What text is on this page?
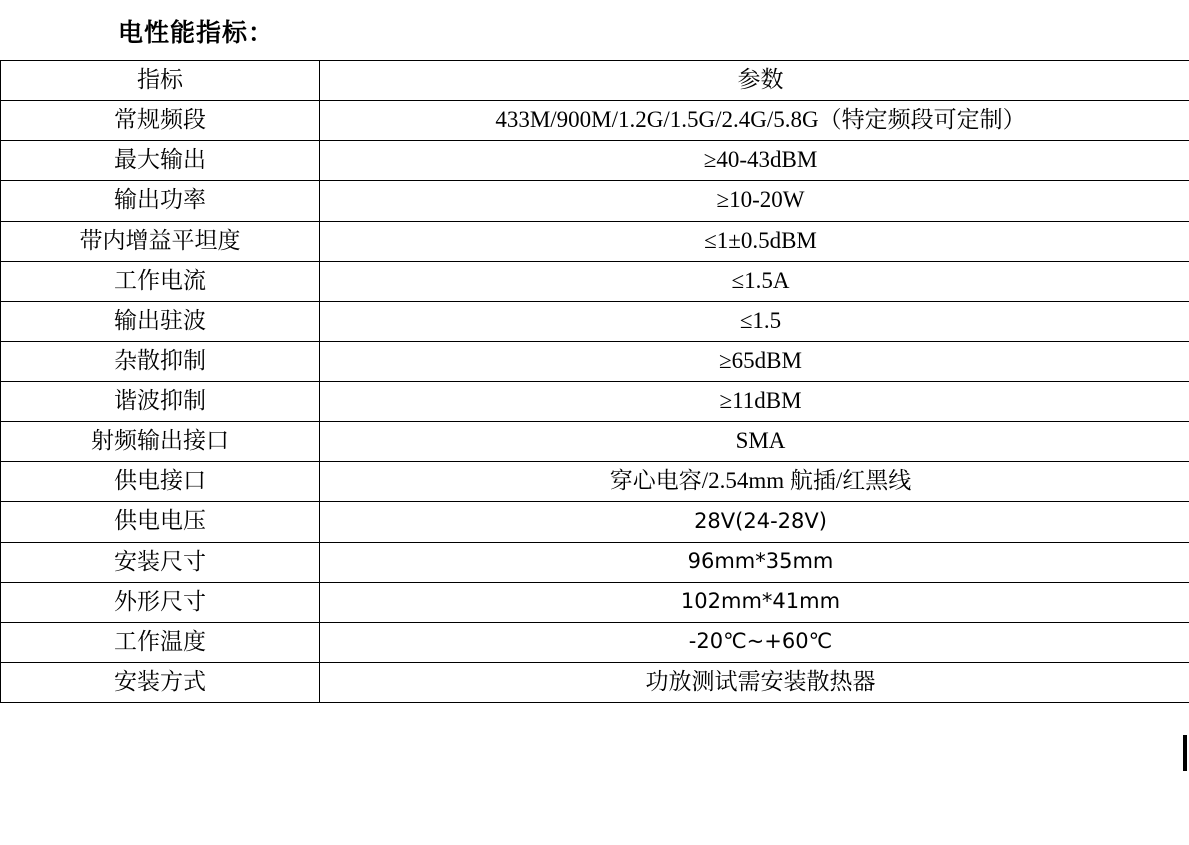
电性能指标：
指标	参数
常规频段	433M/900M/1.2G/1.5G/2.4G/5.8G（特定频段可定制）
最大输出	≥40-43dBM
输出功率	≥10-20W
带内增益平坦度	≤1±0.5dBM
工作电流	≤1.5A
输出驻波	≤1.5
杂散抑制	≥65dBM
谐波抑制	≥11dBM
射频输出接口	SMA
供电接口	穿心电容/2.54mm 航插/红黑线
供电电压	28V(24-28V)
安装尺寸	96mm*35mm
外形尺寸	102mm*41mm
工作温度	-20℃~+60℃
安装方式	功放测试需安装散热器
